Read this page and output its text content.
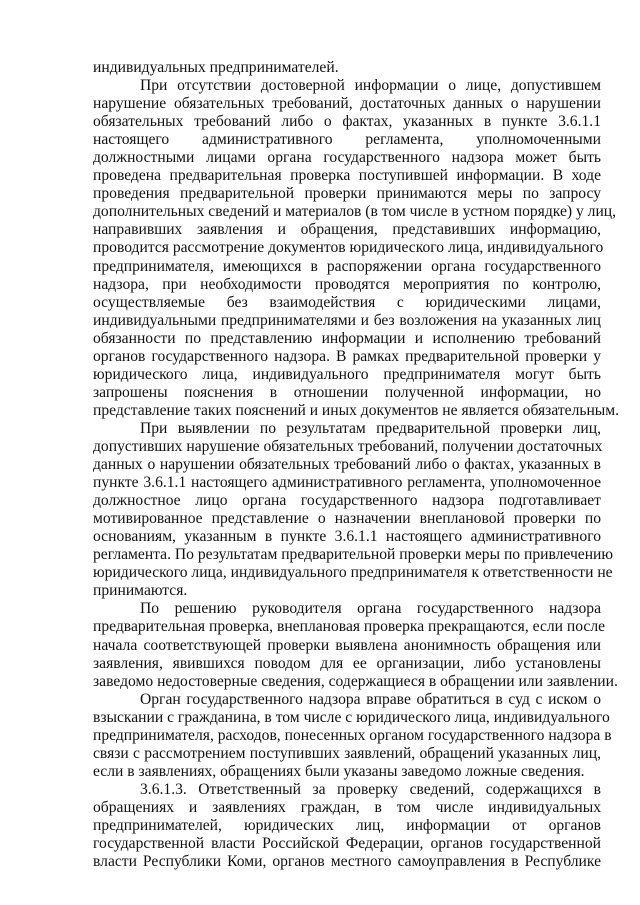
индивидуальных предпринимателей.
При отсутствии достоверной информации о лице, допустившем
нарушение обязательных требований, достаточных данных о нарушении
обязательных требований либо о фактах, указанных в пункте 3.6.1.1
настоящего административного регламента, уполномоченными
должностными лицами органа государственного надзора может быть
проведена предварительная проверка поступившей информации. В ходе
проведения предварительной проверки принимаются меры по запросу
дополнительных сведений и материалов (в том числе в устном порядке) у лиц,
направивших заявления и обращения, представивших информацию,
проводится рассмотрение документов юридического лица, индивидуального
предпринимателя, имеющихся в распоряжении органа государственного
надзора, при необходимости проводятся мероприятия по контролю,
осуществляемые без взаимодействия с юридическими лицами,
индивидуальными предпринимателями и без возложения на указанных лиц
обязанности по представлению информации и исполнению требований
органов государственного надзора. В рамках предварительной проверки у
юридического лица, индивидуального предпринимателя могут быть
запрошены пояснения в отношении полученной информации, но
представление таких пояснений и иных документов не является обязательным.
При выявлении по результатам предварительной проверки лиц,
допустивших нарушение обязательных требований, получении достаточных
данных о нарушении обязательных требований либо о фактах, указанных в
пункте 3.6.1.1 настоящего административного регламента, уполномоченное
должностное лицо органа государственного надзора подготавливает
мотивированное представление о назначении внеплановой проверки по
основаниям, указанным в пункте 3.6.1.1 настоящего административного
регламента. По результатам предварительной проверки меры по привлечению
юридического лица, индивидуального предпринимателя к ответственности не
принимаются.
По решению руководителя органа государственного надзора
предварительная проверка, внеплановая проверка прекращаются, если после
начала соответствующей проверки выявлена анонимность обращения или
заявления, явившихся поводом для ее организации, либо установлены
заведомо недостоверные сведения, содержащиеся в обращении или заявлении.
Орган государственного надзора вправе обратиться в суд с иском о
взыскании с гражданина, в том числе с юридического лица, индивидуального
предпринимателя, расходов, понесенных органом государственного надзора в
связи с рассмотрением поступивших заявлений, обращений указанных лиц,
если в заявлениях, обращениях были указаны заведомо ложные сведения.
3.6.1.3. Ответственный за проверку сведений, содержащихся в
обращениях и заявлениях граждан, в том числе индивидуальных
предпринимателей, юридических лиц, информации от органов
государственной власти Российской Федерации, органов государственной
власти Республики Коми, органов местного самоуправления в Республике
